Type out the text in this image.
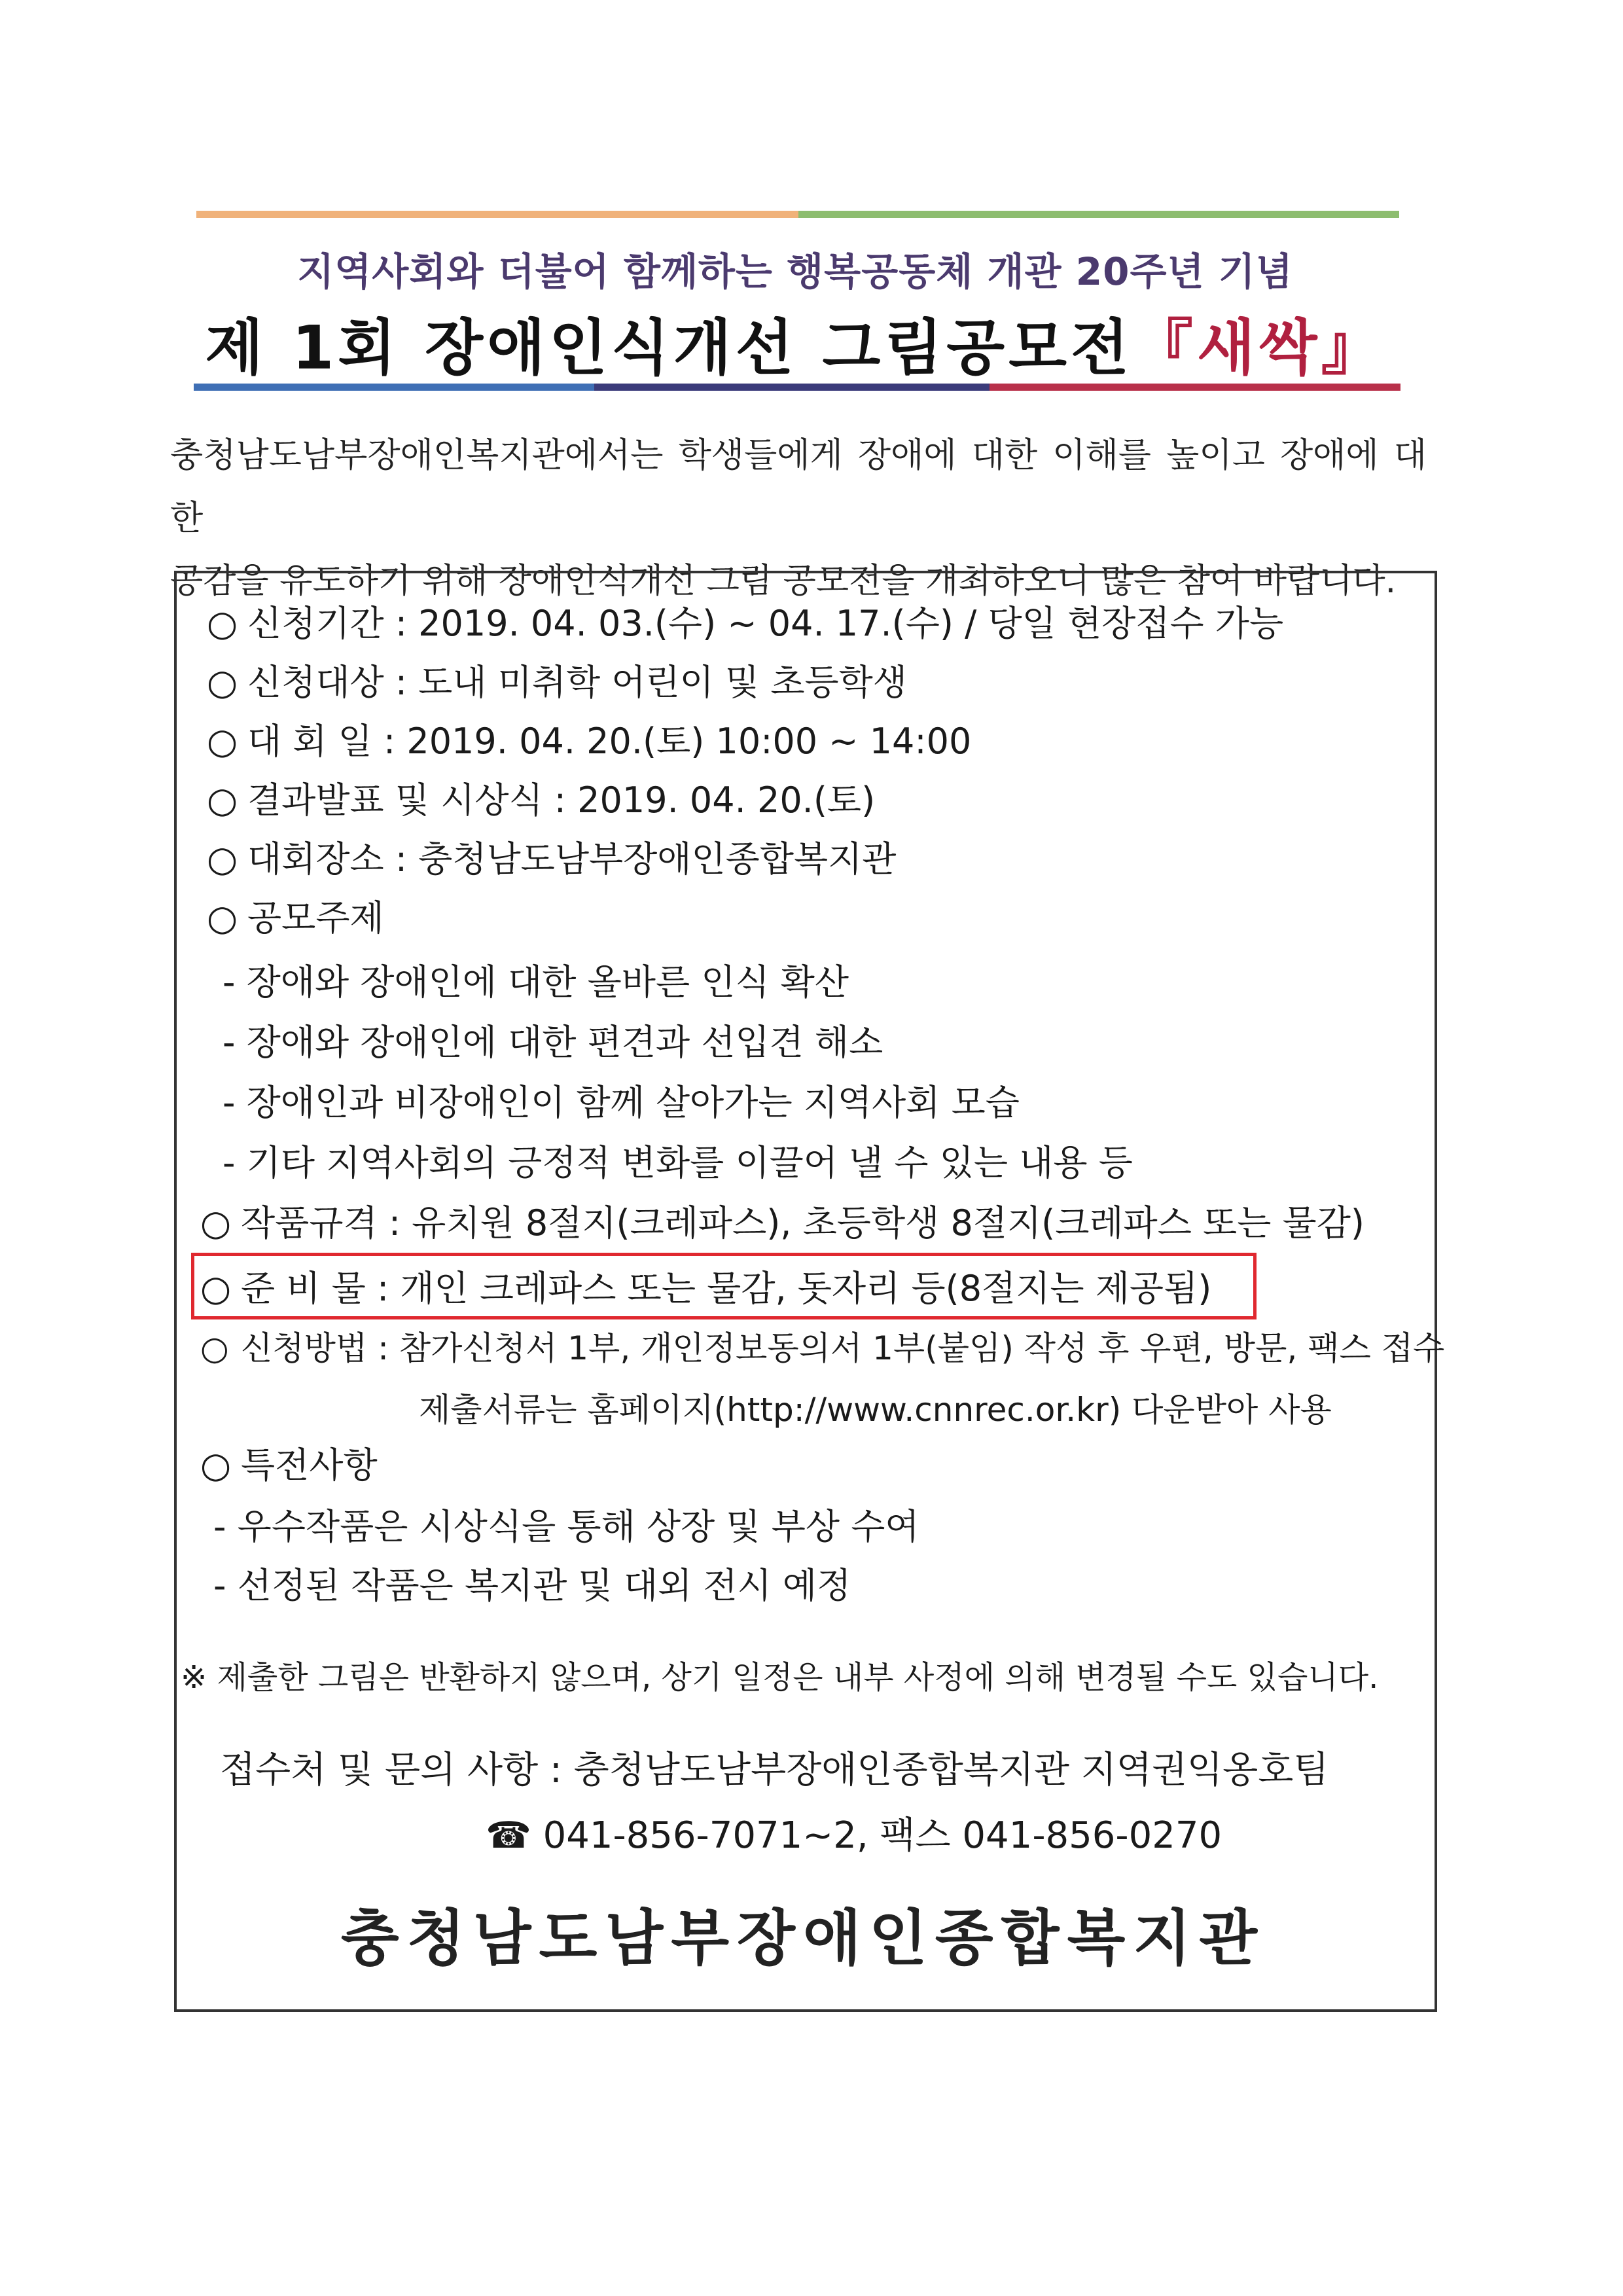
지역사회와 더불어 함께하는 행복공동체 개관 20주년 기념
제 1회 장애인식개선 그림공모전『새싹』
충청남도남부장애인복지관에서는 학생들에게 장애에 대한 이해를 높이고 장애에 대한
공감을 유도하기 위해 장애인식개선 그림 공모전을 개최하오니 많은 참여 바랍니다.
○ 신청기간 : 2019. 04. 03.(수) ~ 04. 17.(수) / 당일 현장접수 가능
○ 신청대상 : 도내 미취학 어린이 및 초등학생
○ 대 회 일 : 2019. 04. 20.(토) 10:00 ~ 14:00
○ 결과발표 및 시상식 : 2019. 04. 20.(토)
○ 대회장소 : 충청남도남부장애인종합복지관
○ 공모주제
- 장애와 장애인에 대한 올바른 인식 확산
- 장애와 장애인에 대한 편견과 선입견 해소
- 장애인과 비장애인이 함께 살아가는 지역사회 모습
- 기타 지역사회의 긍정적 변화를 이끌어 낼 수 있는 내용 등
○ 작품규격 : 유치원 8절지(크레파스), 초등학생 8절지(크레파스 또는 물감)
○ 준 비 물 : 개인 크레파스 또는 물감, 돗자리 등(8절지는 제공됨)
○ 신청방법 : 참가신청서 1부, 개인정보동의서 1부(붙임) 작성 후 우편, 방문, 팩스 접수
제출서류는 홈페이지(http://www.cnnrec.or.kr) 다운받아 사용
○ 특전사항
- 우수작품은 시상식을 통해 상장 및 부상 수여
- 선정된 작품은 복지관 및 대외 전시 예정
※ 제출한 그림은 반환하지 않으며, 상기 일정은 내부 사정에 의해 변경될 수도 있습니다.
접수처 및 문의 사항 : 충청남도남부장애인종합복지관 지역권익옹호팀
☎ 041-856-7071~2, 팩스 041-856-0270
충청남도남부장애인종합복지관
